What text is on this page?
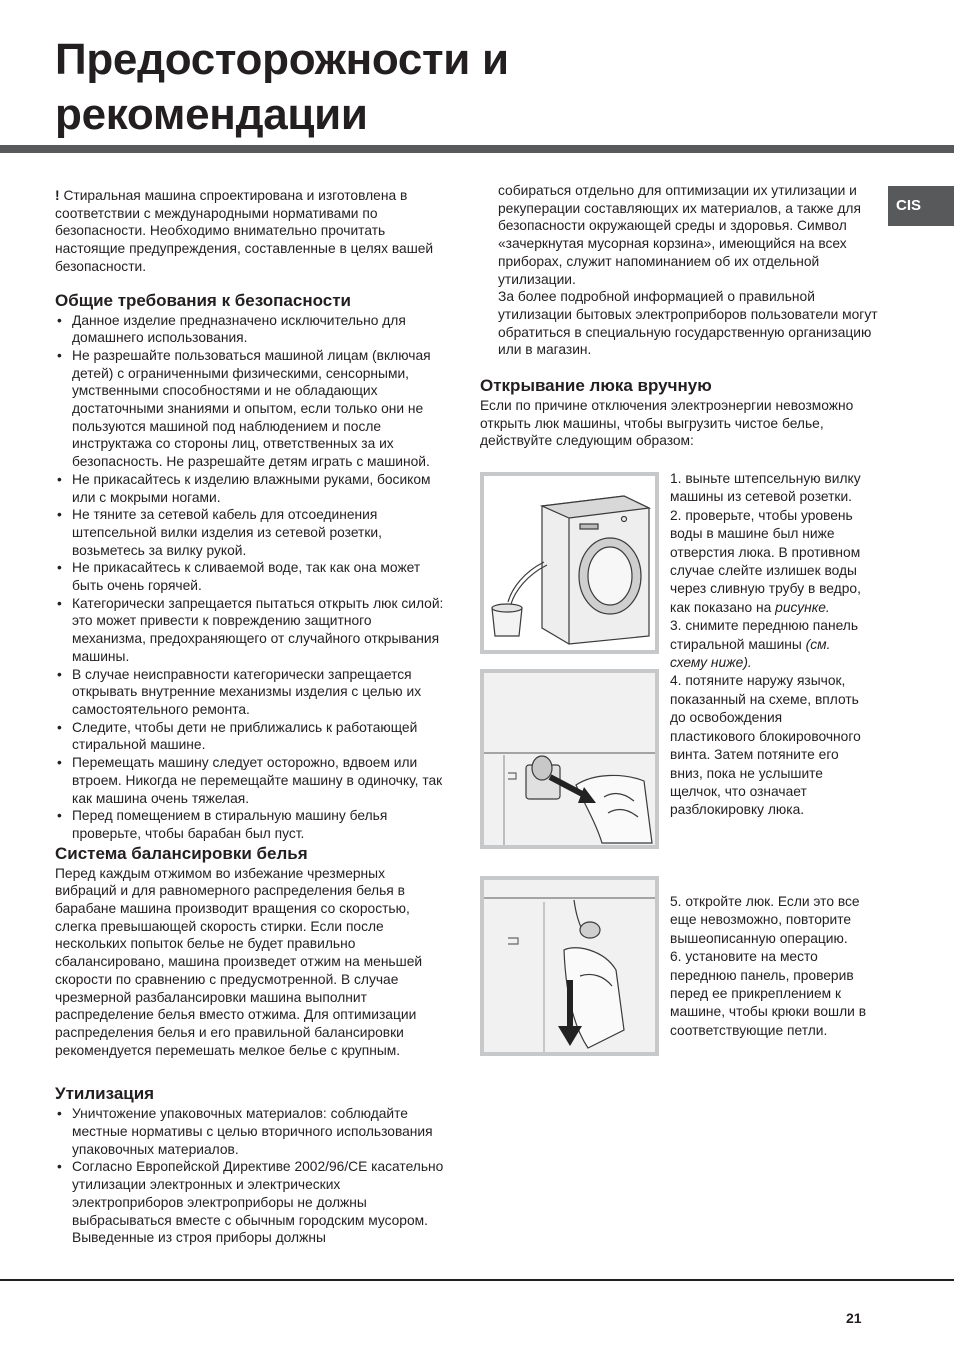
Предосторожности и
рекомендации
CIS

! Стиральная машина спроектирована и изготовлена в соответствии с международными нормативами по безопасности. Необходимо внимательно прочитать настоящие предупреждения, составленные в целях вашей безопасности.

Общие требования к безопасности
• Данное изделие предназначено исключительно для домашнего использования.
• Не разрешайте пользоваться машиной лицам (включая детей) с ограниченными физическими, сенсорными, умственными способностями и не обладающих достаточными знаниями и опытом, если только они не пользуются машиной под наблюдением и после инструктажа со стороны лиц, ответственных за их безопасность. Не разрешайте детям играть с машиной.
• Не прикасайтесь к изделию влажными руками, босиком или с мокрыми ногами.
• Не тяните за сетевой кабель для отсоединения штепсельной вилки изделия из сетевой розетки, возьметесь за вилку рукой.
• Не прикасайтесь к сливаемой воде, так как она может быть очень горячей.
• Категорически запрещается пытаться открыть люк силой: это может привести к повреждению защитного механизма, предохраняющего от случайного открывания машины.
• В случае неисправности категорически запрещается открывать внутренние механизмы изделия с целью их самостоятельного ремонта.
• Следите, чтобы дети не приближались к работающей стиральной машине.
• Перемещать машину следует осторожно, вдвоем или втроем. Никогда не перемещайте машину в одиночку, так как машина очень тяжелая.
• Перед помещением в стиральную машину белья проверьте, чтобы барабан был пуст.
Система балансировки белья

Перед каждым отжимом во избежание чрезмерных вибраций и для равномерного распределения белья в барабане машина производит вращения со скоростью, слегка превышающей скорость стирки. Если после нескольких попыток белье не будет правильно сбалансировано, машина произведет отжим на меньшей скорости по сравнению с предусмотренной. В случае чрезмерной разбалансировки машина выполнит распределение белья вместо отжима. Для оптимизации распределения белья и его правильной балансировки рекомендуется перемешать мелкое белье с крупным.

Утилизация
• Уничтожение упаковочных материалов: соблюдайте местные нормативы с целью вторичного использования упаковочных материалов.
• Согласно Европейской Директиве 2002/96/CE касательно утилизации электронных и электрических электроприборов электроприборы не должны выбрасываться вместе с обычным городским мусором. Выведенные из строя приборы должны

собираться отдельно для оптимизации их утилизации и рекуперации составляющих их материалов, а также для безопасности окружающей среды и здоровья. Символ «зачеркнутая мусорная корзина», имеющийся на всех приборах, служит напоминанием об их отдельной утилизации.

За более подробной информацией о правильной утилизации бытовых электроприборов пользователи могут обратиться в специальную государственную организацию или в магазин.

Открывание люка вручную

Если по причине отключения электроэнергии невозможно открыть люк машины, чтобы выгрузить чистое белье, действуйте следующим образом:

1. выньте штепсельную вилку машины из сетевой розетки.

2. проверьте, чтобы уровень воды в машине был ниже отверстия люка. В противном случае слейте излишек воды через сливную трубу в ведро, как показано на рисунке.

3. снимите переднюю панель стиральной машины (см. схему ниже).

4. потяните наружу язычок, показанный на схеме, вплоть до освобождения пластикового блокировочного винта. Затем потяните его вниз, пока не услышите щелчок, что означает разблокировку люка.

5. откройте люк. Если это все еще невозможно, повторите вышеописанную операцию.

6. установите на место переднюю панель, проверив перед ее прикреплением к машине, чтобы крюки вошли в соответствующие петли.

21
